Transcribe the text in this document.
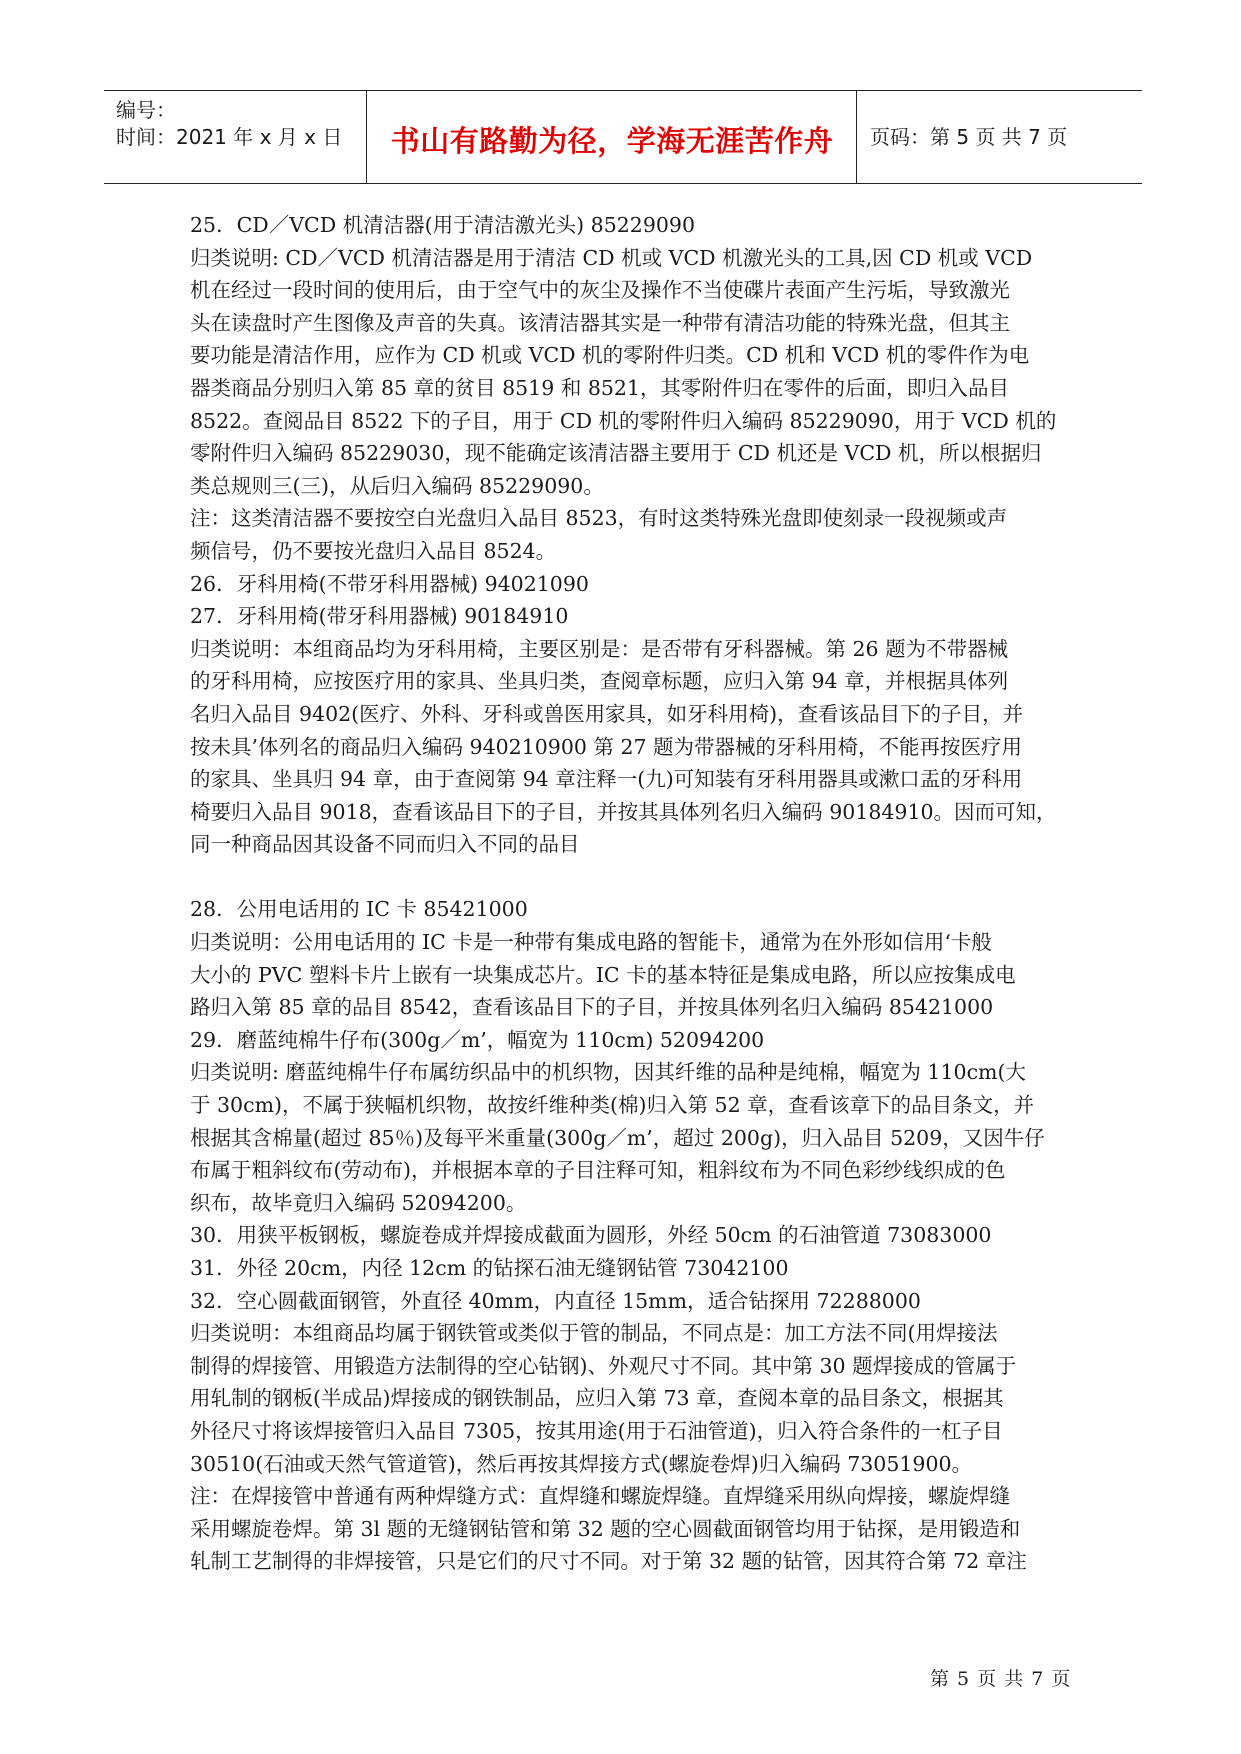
编号：
时间：2021 年 x 月 x 日	书山有路勤为径，学海无涯苦作舟	页码：第 5 页 共 7 页

25．CD／VCD 机清洁器(用于清洁激光头) 85229090

归类说明: CD／VCD 机清洁器是用于清洁 CD 机或 VCD 机激光头的工具,因 CD 机或 VCD

机在经过一段时间的使用后，由于空气中的灰尘及操作不当使碟片表面产生污垢，导致激光

头在读盘时产生图像及声音的失真。该清洁器其实是一种带有清洁功能的特殊光盘，但其主

要功能是清洁作用，应作为 CD 机或 VCD 机的零附件归类。CD 机和 VCD 机的零件作为电

器类商品分别归入第 85 章的贫目 8519 和 8521，其零附件归在零件的后面，即归入品目

8522。查阅品目 8522 下的子目，用于 CD 机的零附件归入编码 85229090，用于 VCD 机的

零附件归入编码 85229030，现不能确定该清洁器主要用于 CD 机还是 VCD 机，所以根据归

类总规则三(三)，从后归入编码 85229090。

注：这类清洁器不要按空白光盘归入品目 8523，有时这类特殊光盘即使刻录一段视频或声

频信号，仍不要按光盘归入品目 8524。

26．牙科用椅(不带牙科用器械) 94021090

27．牙科用椅(带牙科用器械) 90184910

归类说明：本组商品均为牙科用椅，主要区别是：是否带有牙科器械。第 26 题为不带器械

的牙科用椅，应按医疗用的家具、坐具归类，查阅章标题，应归入第 94 章，并根据具体列

名归入品目 9402(医疗、外科、牙科或兽医用家具，如牙科用椅)，查看该品目下的子目，并

按未具’体列名的商品归入编码 940210900 第 27 题为带器械的牙科用椅，不能再按医疗用

的家具、坐具归 94 章，由于查阅第 94 章注释一(九)可知装有牙科用器具或漱口盂的牙科用

椅要归入品目 9018，查看该品目下的子目，并按其具体列名归入编码 90184910。因而可知，

同一种商品因其设备不同而归入不同的品目

28．公用电话用的 IC 卡 85421000

归类说明：公用电话用的 IC 卡是一种带有集成电路的智能卡，通常为在外形如信用‘卡般

大小的 PVC 塑料卡片上嵌有一块集成芯片。IC 卡的基本特征是集成电路，所以应按集成电

路归入第 85 章的品目 8542，查看该品目下的子目，并按具体列名归入编码 85421000

29．磨蓝纯棉牛仔布(300g／m’，幅宽为 110cm) 52094200

归类说明: 磨蓝纯棉牛仔布属纺织品中的机织物，因其纤维的品种是纯棉，幅宽为 110cm(大

于 30cm)，不属于狭幅机织物，故按纤维种类(棉)归入第 52 章，查看该章下的品目条文，并

根据其含棉量(超过 85％)及每平米重量(300g／m’，超过 200g)，归入品目 5209，又因牛仔

布属于粗斜纹布(劳动布)，并根据本章的子目注释可知，粗斜纹布为不同色彩纱线织成的色

织布，故毕竟归入编码 52094200。

30．用狭平板钢板，螺旋卷成并焊接成截面为圆形，外经 50cm 的石油管道 73083000

31．外径 20cm，内径 12cm 的钻探石油无缝钢钻管 73042100

32．空心圆截面钢管，外直径 40mm，内直径 15mm，适合钻探用 72288000

归类说明：本组商品均属于钢铁管或类似于管的制品，不同点是：加工方法不同(用焊接法

制得的焊接管、用锻造方法制得的空心钻钢)、外观尺寸不同。其中第 30 题焊接成的管属于

用轧制的钢板(半成品)焊接成的钢铁制品，应归入第 73 章，查阅本章的品目条文，根据其

外径尺寸将该焊接管归入品目 7305，按其用途(用于石油管道)，归入符合条件的一杠子目

30510(石油或天然气管道管)，然后再按其焊接方式(螺旋卷焊)归入编码 73051900。

注：在焊接管中普通有两种焊缝方式：直焊缝和螺旋焊缝。直焊缝采用纵向焊接，螺旋焊缝

采用螺旋卷焊。第 3l 题的无缝钢钻管和第 32 题的空心圆截面钢管均用于钻探，是用锻造和

轧制工艺制得的非焊接管，只是它们的尺寸不同。对于第 32 题的钻管，因其符合第 72 章注

第 5 页 共 7 页
